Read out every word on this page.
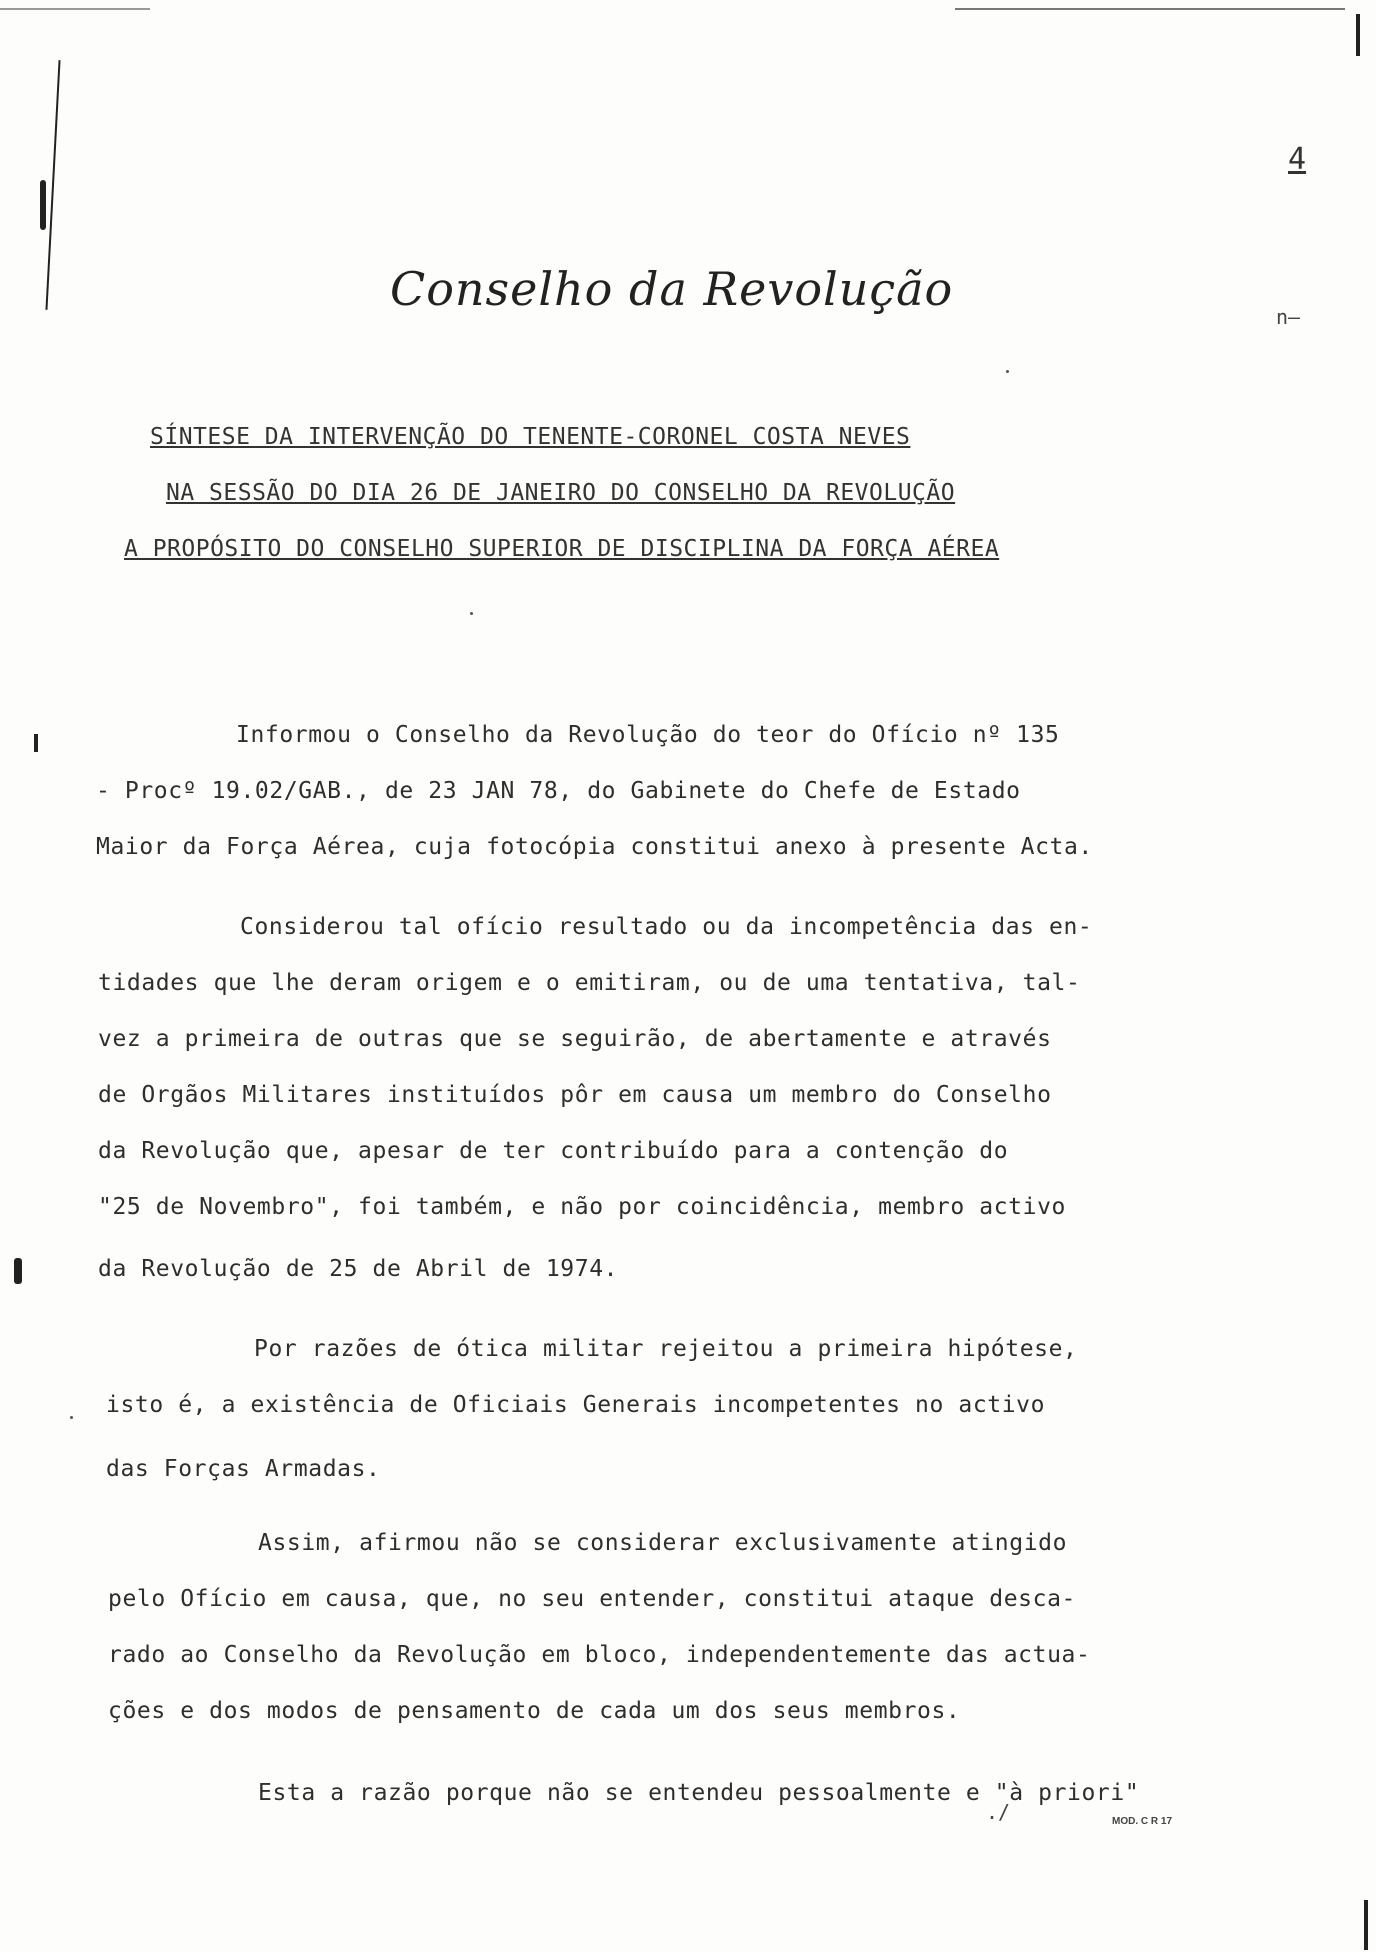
4
n–
Conselho da Revolução
SÍNTESE DA INTERVENÇÃO DO TENENTE-CORONEL COSTA NEVES
NA SESSÃO DO DIA 26 DE JANEIRO DO CONSELHO DA REVOLUÇÃO
A PROPÓSITO DO CONSELHO SUPERIOR DE DISCIPLINA DA FORÇA AÉREA
Informou o Conselho da Revolução do teor do Ofício nº 135
- Procº 19.02/GAB., de 23 JAN 78, do Gabinete do Chefe de Estado
Maior da Força Aérea, cuja fotocópia constitui anexo à presente Acta.
Considerou tal ofício resultado ou da incompetência das en-
tidades que lhe deram origem e o emitiram, ou de uma tentativa, tal-
vez a primeira de outras que se seguirão, de abertamente e através
de Orgãos Militares instituídos pôr em causa um membro do Conselho
da Revolução que, apesar de ter contribuído para a contenção do
"25 de Novembro", foi também, e não por coincidência, membro activo
da Revolução de 25 de Abril de 1974.
Por razões de ótica militar rejeitou a primeira hipótese,
isto é, a existência de Oficiais Generais incompetentes no activo
das Forças Armadas.
Assim, afirmou não se considerar exclusivamente atingido
pelo Ofício em causa, que, no seu entender, constitui ataque desca-
rado ao Conselho da Revolução em bloco, independentemente das actua-
ções e dos modos de pensamento de cada um dos seus membros.
Esta a razão porque não se entendeu pessoalmente e "à priori"
./	MOD. C R 17
